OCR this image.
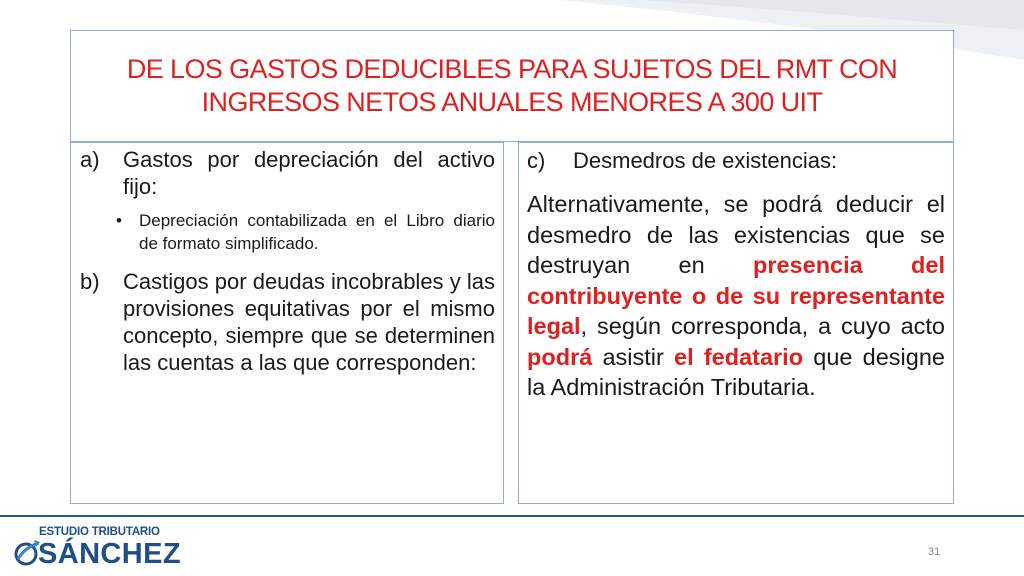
DE LOS GASTOS DEDUCIBLES PARA SUJETOS DEL RMT CON
INGRESOS NETOS ANUALES MENORES A 300 UIT
a)	Gastos por depreciación del activo fijo:
•	Depreciación contabilizada en el Libro diario de formato simplificado.
b)	Castigos por deudas incobrables y las provisiones equitativas por el mismo concepto, siempre que se determinen las cuentas a las que corresponden:
c)	Desmedros de existencias:
Alternativamente, se podrá deducir el desmedro de las existencias que se destruyan en presencia del contribuyente o de su representante legal, según corresponda, a cuyo acto podrá asistir el fedatario que designe la Administración Tributaria.
ESTUDIO TRIBUTARIO
SÁNCHEZ	31
